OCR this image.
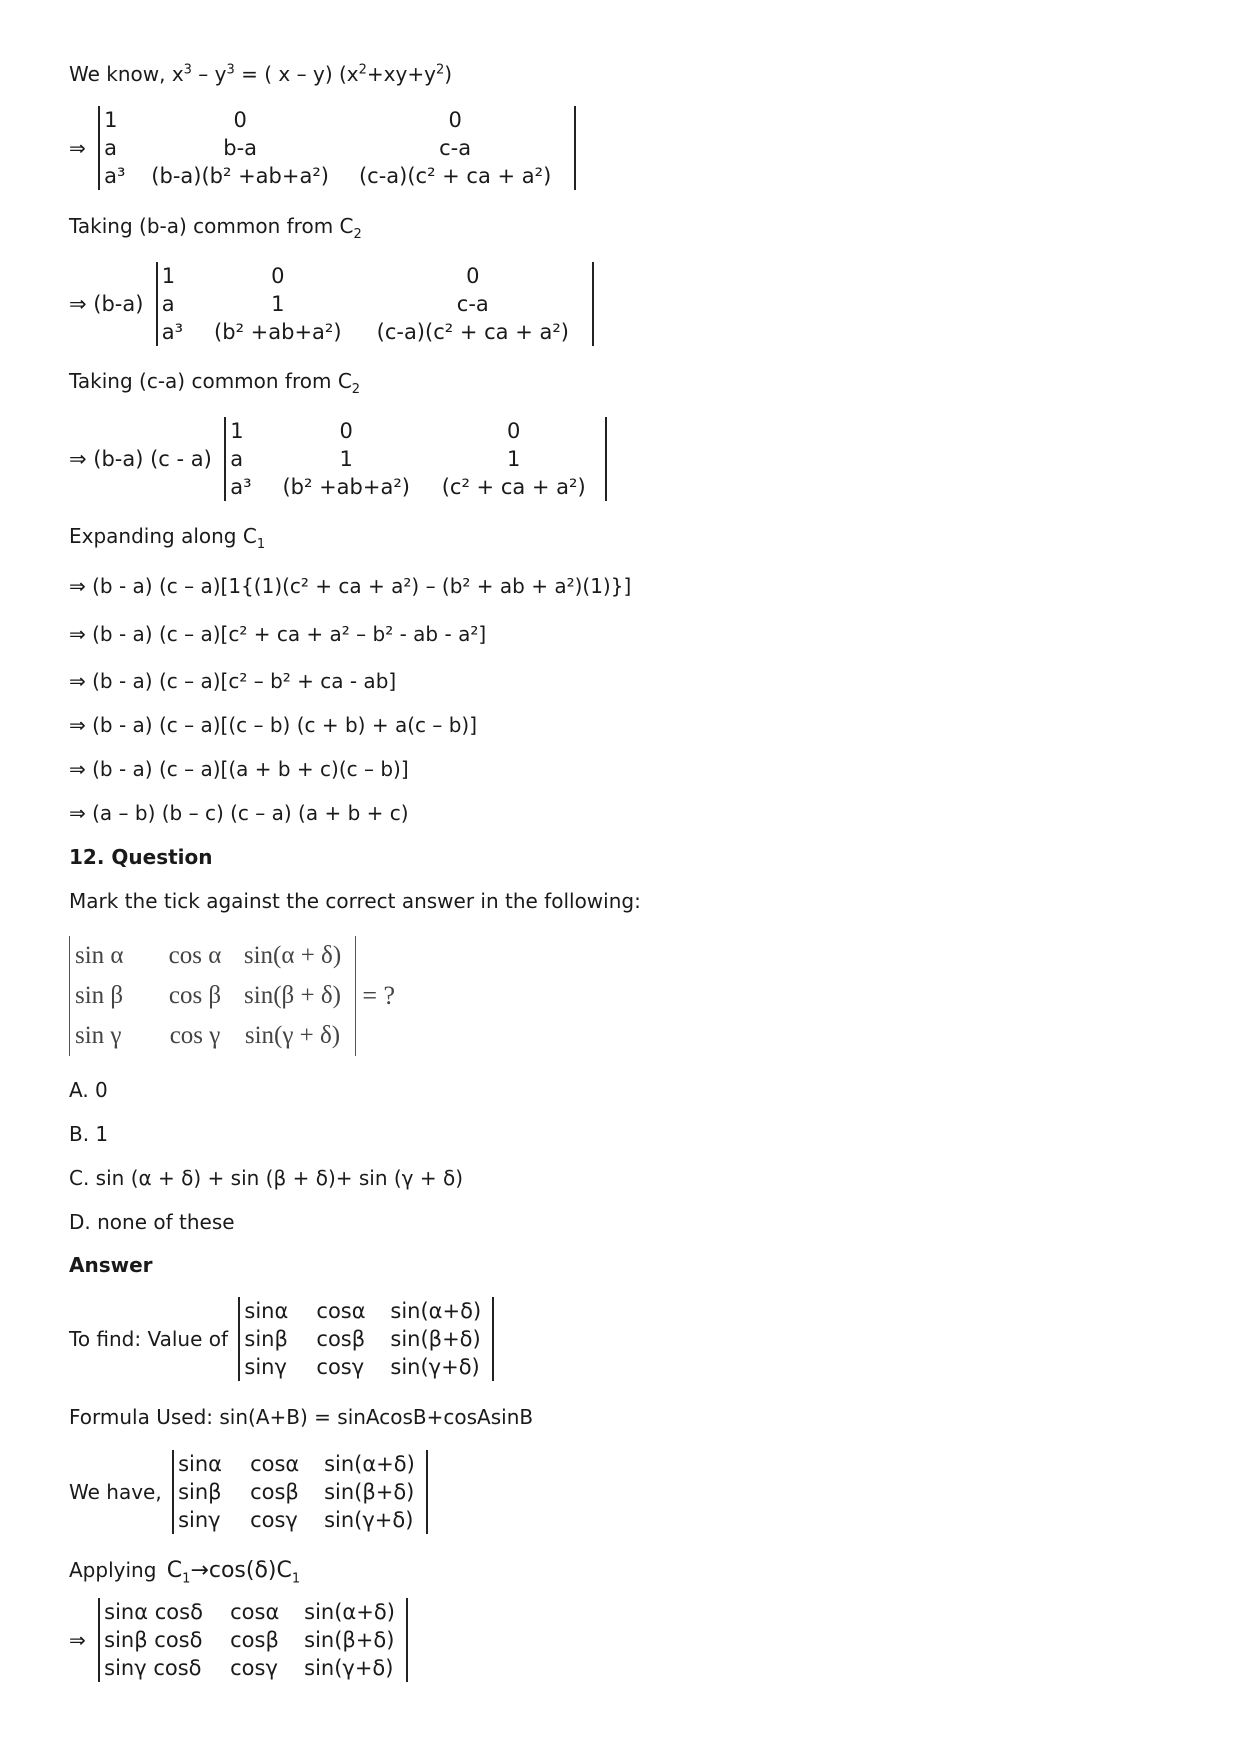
We know, $x^3 - y^3$ = ( x – y) $(x^2+xy+y^2)$
⇒
1	0	0
a	b-a	c-a
a³	(b-a)(b² +ab+a²)	(c-a)(c² + ca + a²)
Taking (b-a) common from $C_2$
⇒ (b-a)
1	0	0
a	1	c-a
a³	(b² +ab+a²)	(c-a)(c² + ca + a²)
Taking (c-a) common from $C_2$
⇒ (b-a) (c - a)
1	0	0
a	1	1
a³	(b² +ab+a²)	(c² + ca + a²)
Expanding along $C_1$
⇒ (b - a) (c – a)[1{(1)(c² + ca + a²) – (b² + ab + a²)(1)}]
⇒ (b - a) (c – a)[c² + ca + a² – b² - ab - a²]
⇒ (b - a) (c – a)[c² – b² + ca - ab]
⇒ (b - a) (c – a)[(c – b) (c + b) + a(c – b)]
⇒ (b - a) (c – a)[(a + b + c)(c – b)]
⇒ (a – b) (b – c) (c – a) (a + b + c)
12. Question
Mark the tick against the correct answer in the following:
sin α	cos α	sin(α + δ)
sin β	cos β	sin(β + δ)
sin γ	cos γ	sin(γ + δ)
= ?
A. 0
B. 1
C. sin (α + δ) + sin (β + δ)+ sin (γ + δ)
D. none of these
Answer
To find: Value of
sinα	cosα	sin(α+δ)
sinβ	cosβ	sin(β+δ)
sinγ	cosγ	sin(γ+δ)
Formula Used: sin(A+B) = sinAcosB+cosAsinB
We have,
sinα	cosα	sin(α+δ)
sinβ	cosβ	sin(β+δ)
sinγ	cosγ	sin(γ+δ)
Applying $C_1\to\cos(\delta)C_1$
⇒
sinα cosδ	cosα	sin(α+δ)
sinβ cosδ	cosβ	sin(β+δ)
sinγ cosδ	cosγ	sin(γ+δ)
